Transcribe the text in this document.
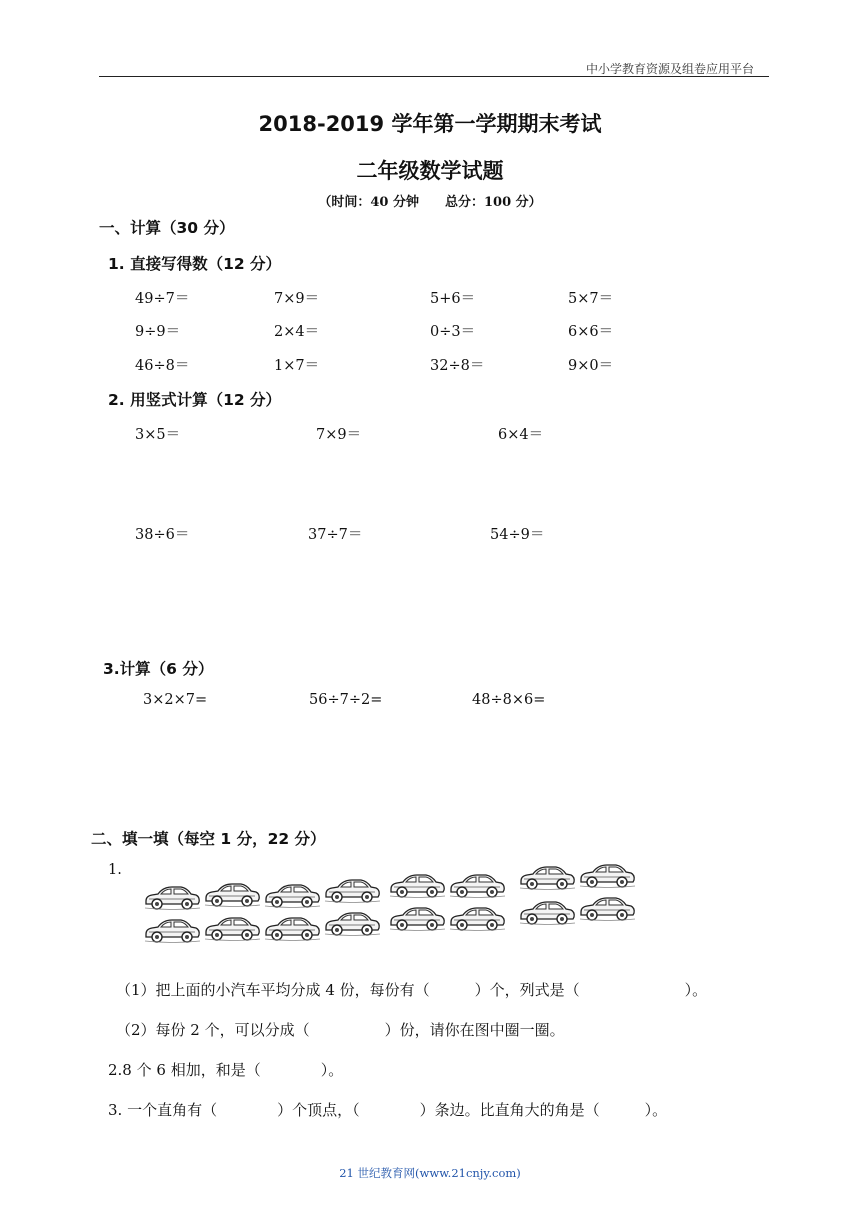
中小学教育资源及组卷应用平台
2018-2019 学年第一学期期末考试
二年级数学试题
（时间：40 分钟　　总分：100 分）
一、计算（30 分）
1. 直接写得数（12 分）
49÷7＝	7×9＝	5+6＝	5×7＝
9÷9＝	2×4＝	0÷3＝	6×6＝
46÷8＝	1×7＝	32÷8＝	9×0＝
2. 用竖式计算（12 分）
3×5＝	7×9＝	6×4＝
38÷6＝	37÷7＝	54÷9＝
3.计算（6 分）
3×2×7=	56÷7÷2=	48÷8×6=
二、填一填（每空 1 分，22 分）
1.
（1）把上面的小汽车平均分成 4 份，每份有（　　　）个，列式是（　　　　　　　）。
（2）每份 2 个，可以分成（　　　　　）份，请你在图中圈一圈。
2.8 个 6 相加，和是（　　　　）。
3. 一个直角有（　　　　）个顶点，（　　　　）条边。比直角大的角是（　　　）。
21 世纪教育网(www.21cnjy.com)
